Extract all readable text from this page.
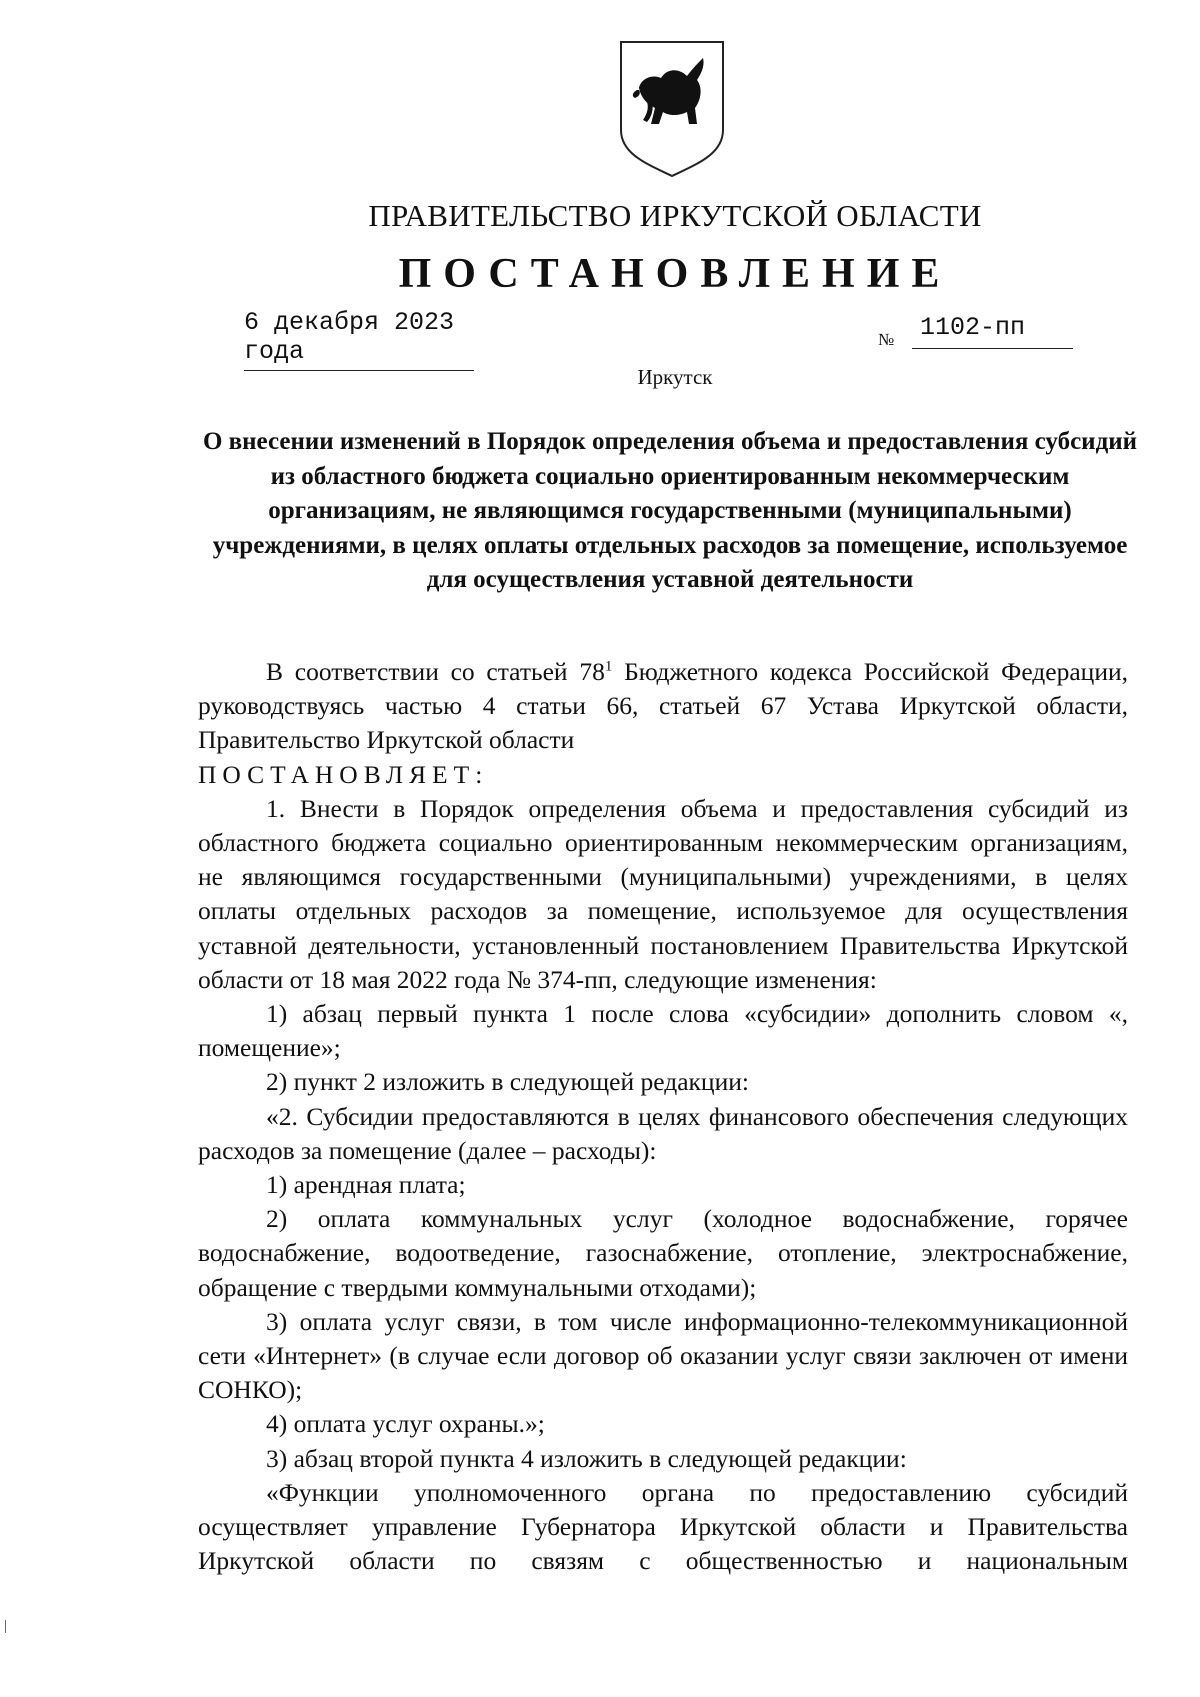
ПРАВИТЕЛЬСТВО ИРКУТСКОЙ ОБЛАСТИ
ПОСТАНОВЛЕНИЕ
6 декабря 2023 года	№	1102-пп
Иркутск
О внесении изменений в Порядок определения объема и предоставления субсидий из областного бюджета социально ориентированным некоммерческим организациям, не являющимся государственными (муниципальными) учреждениями, в целях оплаты отдельных расходов за помещение, используемое для осуществления уставной деятельности

В соответствии со статьей $78^1$ Бюджетного кодекса Российской Федерации, руководствуясь частью 4 статьи 66, статьей 67 Устава Иркутской области, Правительство Иркутской области

ПОСТАНОВЛЯЕТ:

1. Внести в Порядок определения объема и предоставления субсидий из областного бюджета социально ориентированным некоммерческим организациям, не являющимся государственными (муниципальными) учреждениями, в целях оплаты отдельных расходов за помещение, используемое для осуществления уставной деятельности, установленный постановлением Правительства Иркутской области от 18 мая 2022 года № 374-пп, следующие изменения:

1) абзац первый пункта 1 после слова «субсидии» дополнить словом «, помещение»;

2) пункт 2 изложить в следующей редакции:

«2. Субсидии предоставляются в целях финансового обеспечения следующих расходов за помещение (далее – расходы):

1) арендная плата;

2) оплата коммунальных услуг (холодное водоснабжение, горячее водоснабжение, водоотведение, газоснабжение, отопление, электроснабжение, обращение с твердыми коммунальными отходами);

3) оплата услуг связи, в том числе информационно-телекоммуникационной сети «Интернет» (в случае если договор об оказании услуг связи заключен от имени СОНКО);

4) оплата услуг охраны.»;

3) абзац второй пункта 4 изложить в следующей редакции:

«Функции уполномоченного органа по предоставлению субсидий осуществляет управление Губернатора Иркутской области и Правительства Иркутской области по связям с общественностью и национальным
